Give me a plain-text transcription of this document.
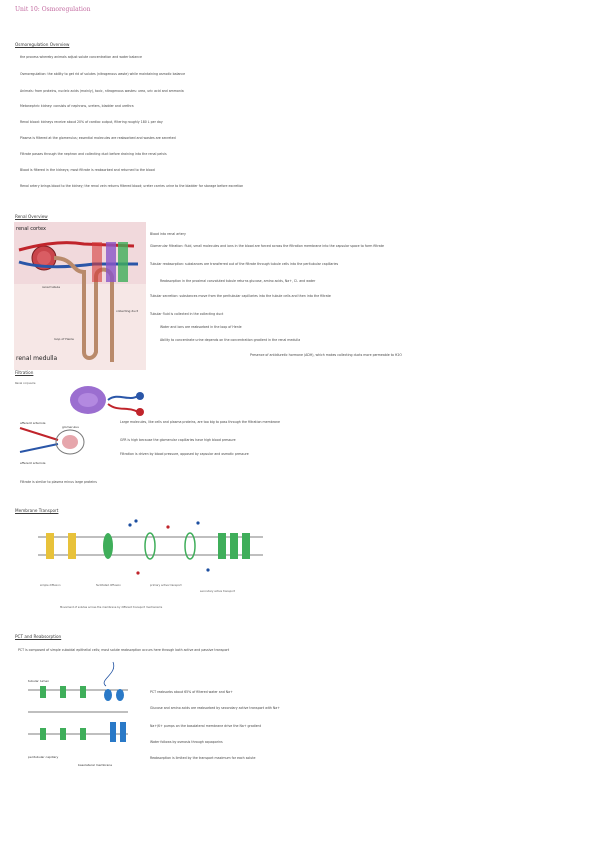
Unit 10: Osmoregulation
Osmoregulation Overview
the process whereby animals adjust solute concentration and water balance
Osmoregulation: the ability to get rid of solutes (nitrogenous waste) while maintaining osmotic balance
Animals: from proteins, nucleic acids (mainly), toxic, nitrogenous wastes: urea, uric acid and ammonia
Metanephric kidney: consists of nephrons, ureters, bladder and urethra
Renal blood: kidneys receive about 20% of cardiac output, filtering roughly 180 L per day
Plasma is filtered at the glomerulus; essential molecules are reabsorbed and wastes are secreted
Filtrate passes through the nephron and collecting duct before draining into the renal pelvis
Blood is filtered in the kidneys; most filtrate is reabsorbed and returned to the blood
Renal artery brings blood to the kidney; the renal vein returns filtered blood; ureter carries urine to the bladder for storage before excretion
Renal Overview
renal cortex
renal medulla
renal tubule
loop of Henle
collecting duct
Blood into renal artery
Glomerular filtration: fluid, small molecules and ions in the blood are forced across the filtration membrane into the capsular space to form filtrate
Tubular reabsorption: substances are transferred out of the filtrate through tubule cells into the peritubular capillaries
Reabsorption in the proximal convoluted tubule returns glucose, amino acids, Na+, Cl- and water
Tubular secretion: substances move from the peritubular capillaries into the tubule cells and then into the filtrate
Tubular fluid is collected in the collecting duct
Water and ions are reabsorbed in the loop of Henle
Ability to concentrate urine depends on the concentration gradient in the renal medulla
Presence of antidiuretic hormone (ADH), which makes collecting ducts more permeable to H2O
Filtration
Renal corpuscle
glomerulus
afferent arteriole
efferent arteriole
Large molecules, like cells and plasma proteins, are too big to pass through the filtration membrane
GFR is high because the glomerular capillaries have high blood pressure
Filtration is driven by blood pressure, opposed by capsular and osmotic pressure
Filtrate is similar to plasma minus large proteins
Membrane Transport
simple diffusion	facilitated diffusion	primary active transport
secondary active transport
Movement of solutes across the membrane by different transport mechanisms
PCT and Reabsorption
PCT is composed of simple cuboidal epithelial cells; most solute reabsorption occurs here through both active and passive transport
tubular lumen
peritubular capillary
basolateral membrane
PCT reabsorbs about 65% of filtered water and Na+
Glucose and amino acids are reabsorbed by secondary active transport with Na+
Na+/K+ pumps on the basolateral membrane drive the Na+ gradient
Water follows by osmosis through aquaporins
Reabsorption is limited by the transport maximum for each solute
